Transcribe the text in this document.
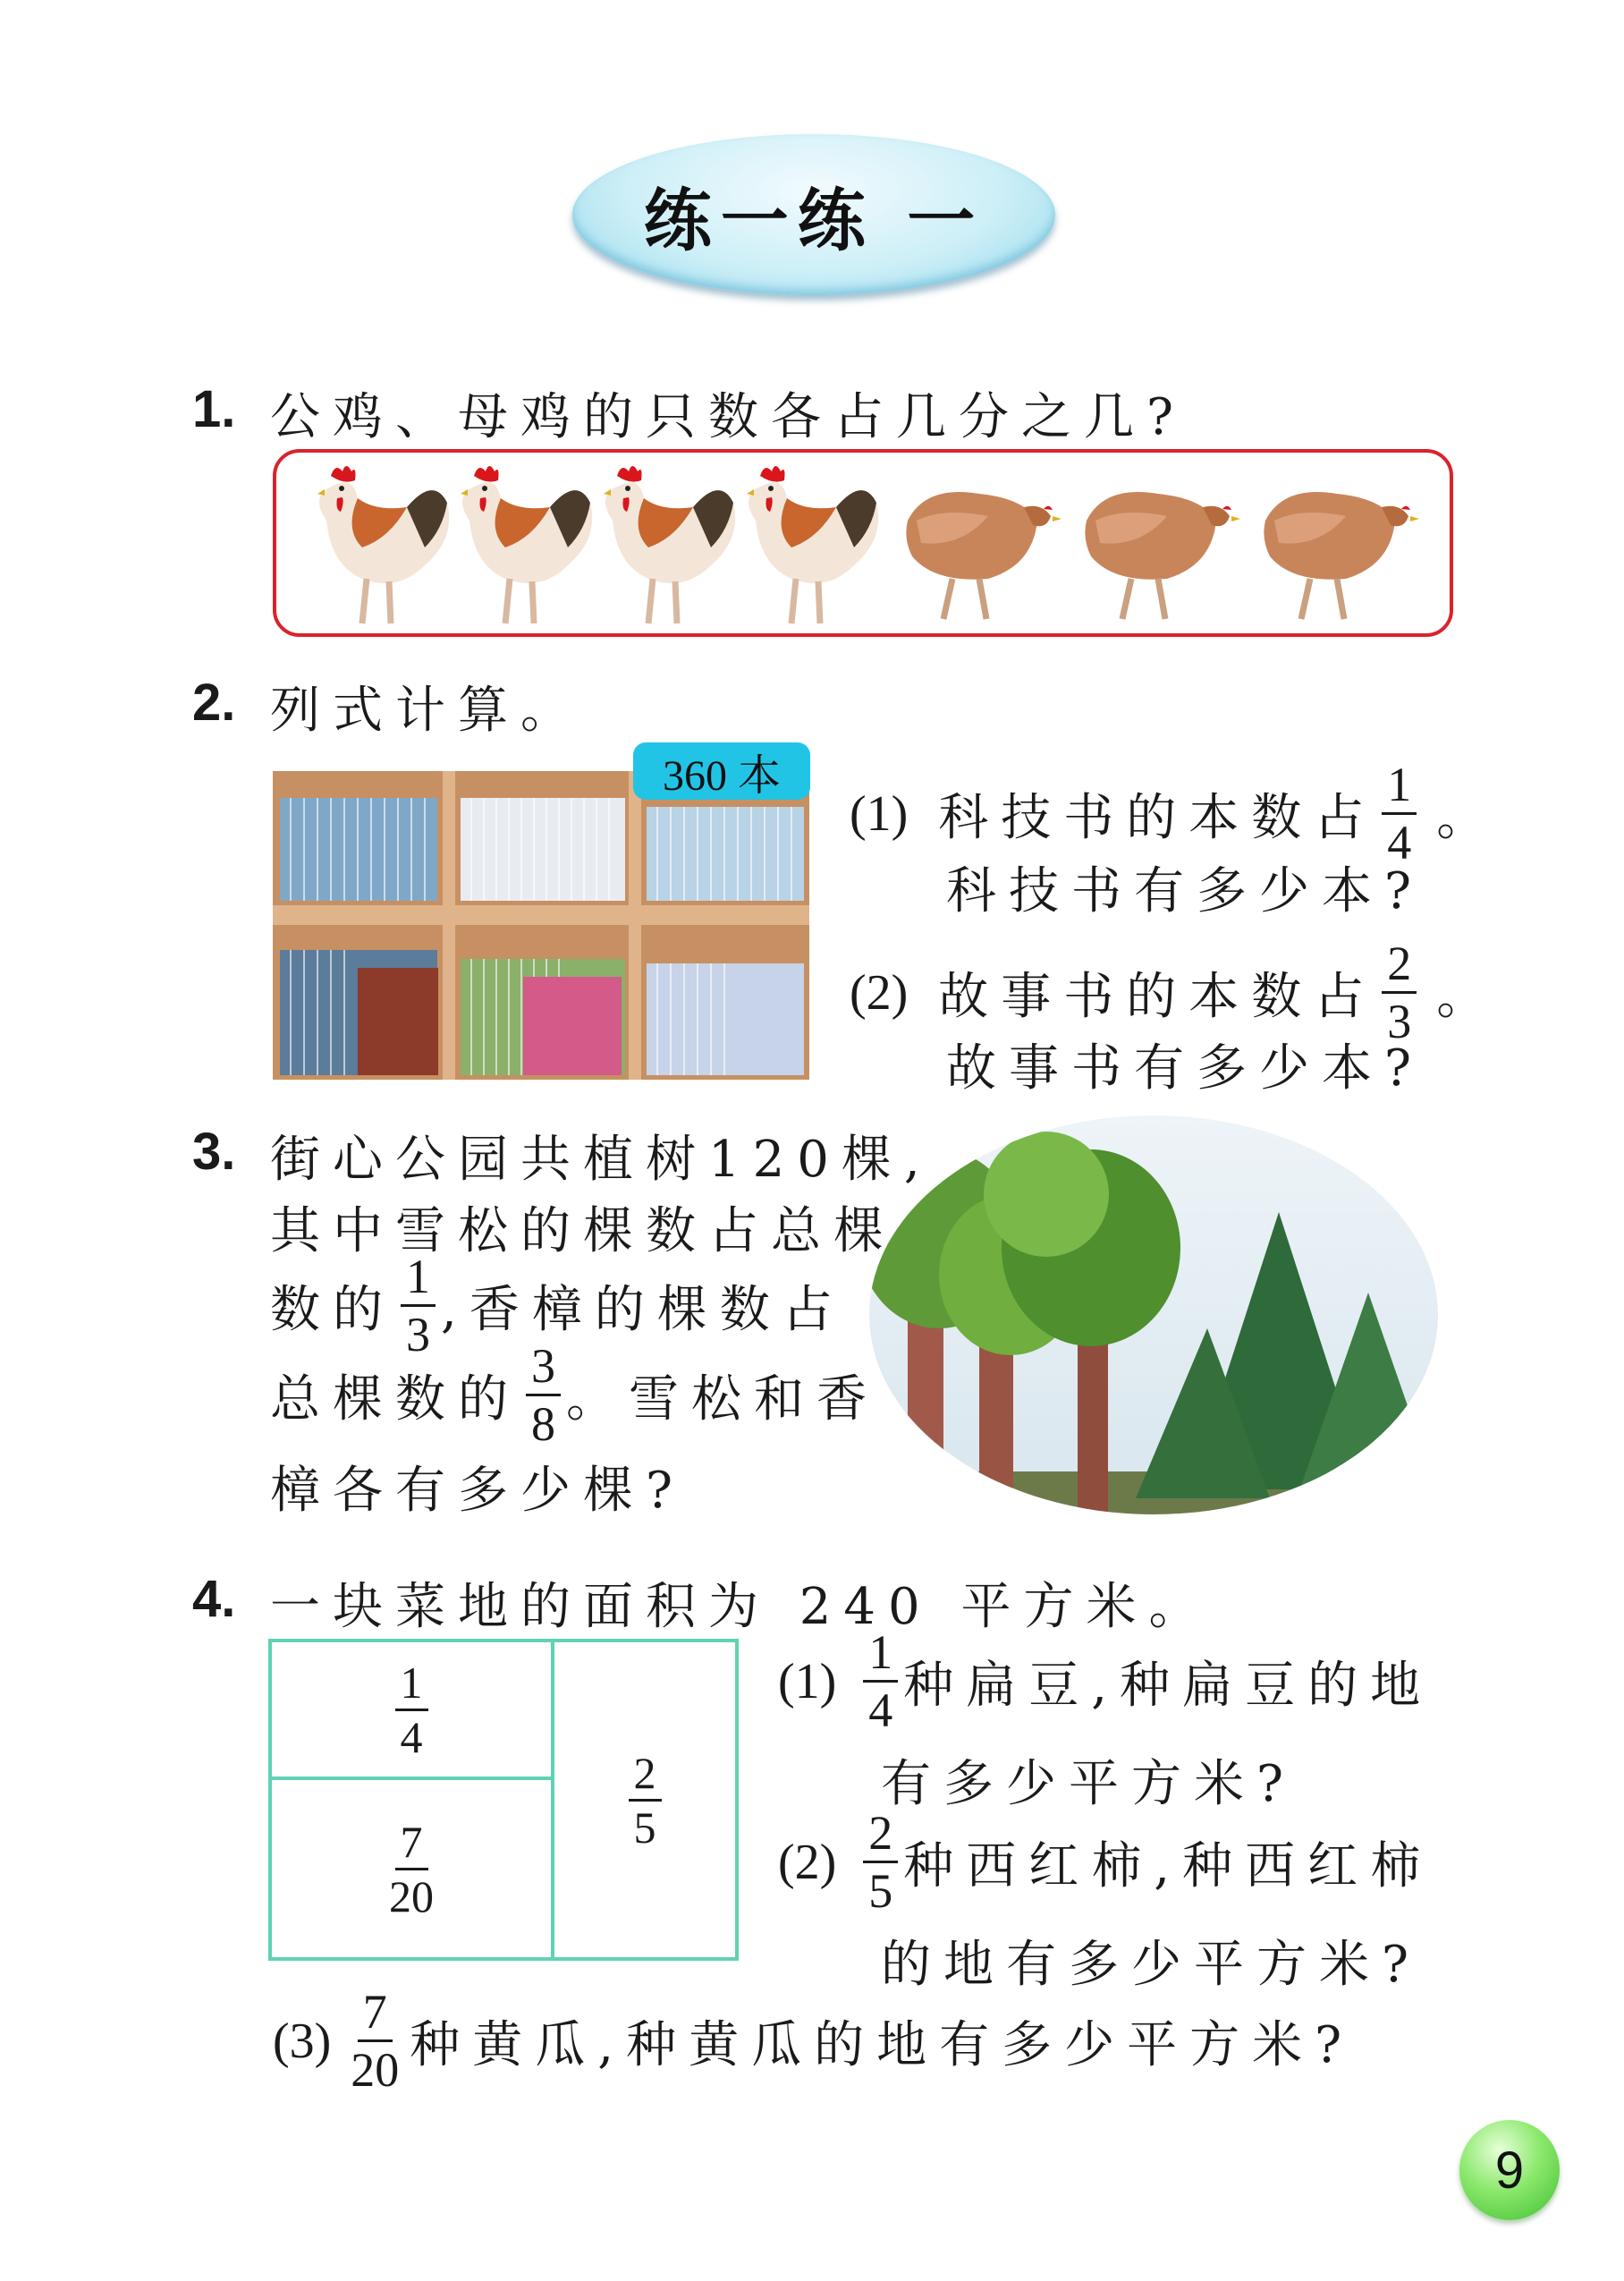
练一练 一
1. 公鸡、母鸡的只数各占几分之几?
2. 列式计算。
360 本
(1) 科技书的本数占 $\frac{1}{4}$ 。
科技书有多少本?
(2) 故事书的本数占 $\frac{2}{3}$ 。
故事书有多少本?
3. 街心公园共植树120棵,
其中雪松的棵数占总棵
数的 $\frac{1}{3}$ ,香樟的棵数占
总棵数的 $\frac{3}{8}$ 。雪松和香
樟各有多少棵?
4. 一块菜地的面积为 240 平方米。
$\frac{1}{4}$
$\frac{7}{20}$
$\frac{2}{5}$
$(1) \frac{1}{4}$ 种扁豆,种扁豆的地
有多少平方米?
$(2) \frac{2}{5}$ 种西红柿,种西红柿
的地有多少平方米?
$(3) \frac{7}{20}$ 种黄瓜,种黄瓜的地有多少平方米?
9
